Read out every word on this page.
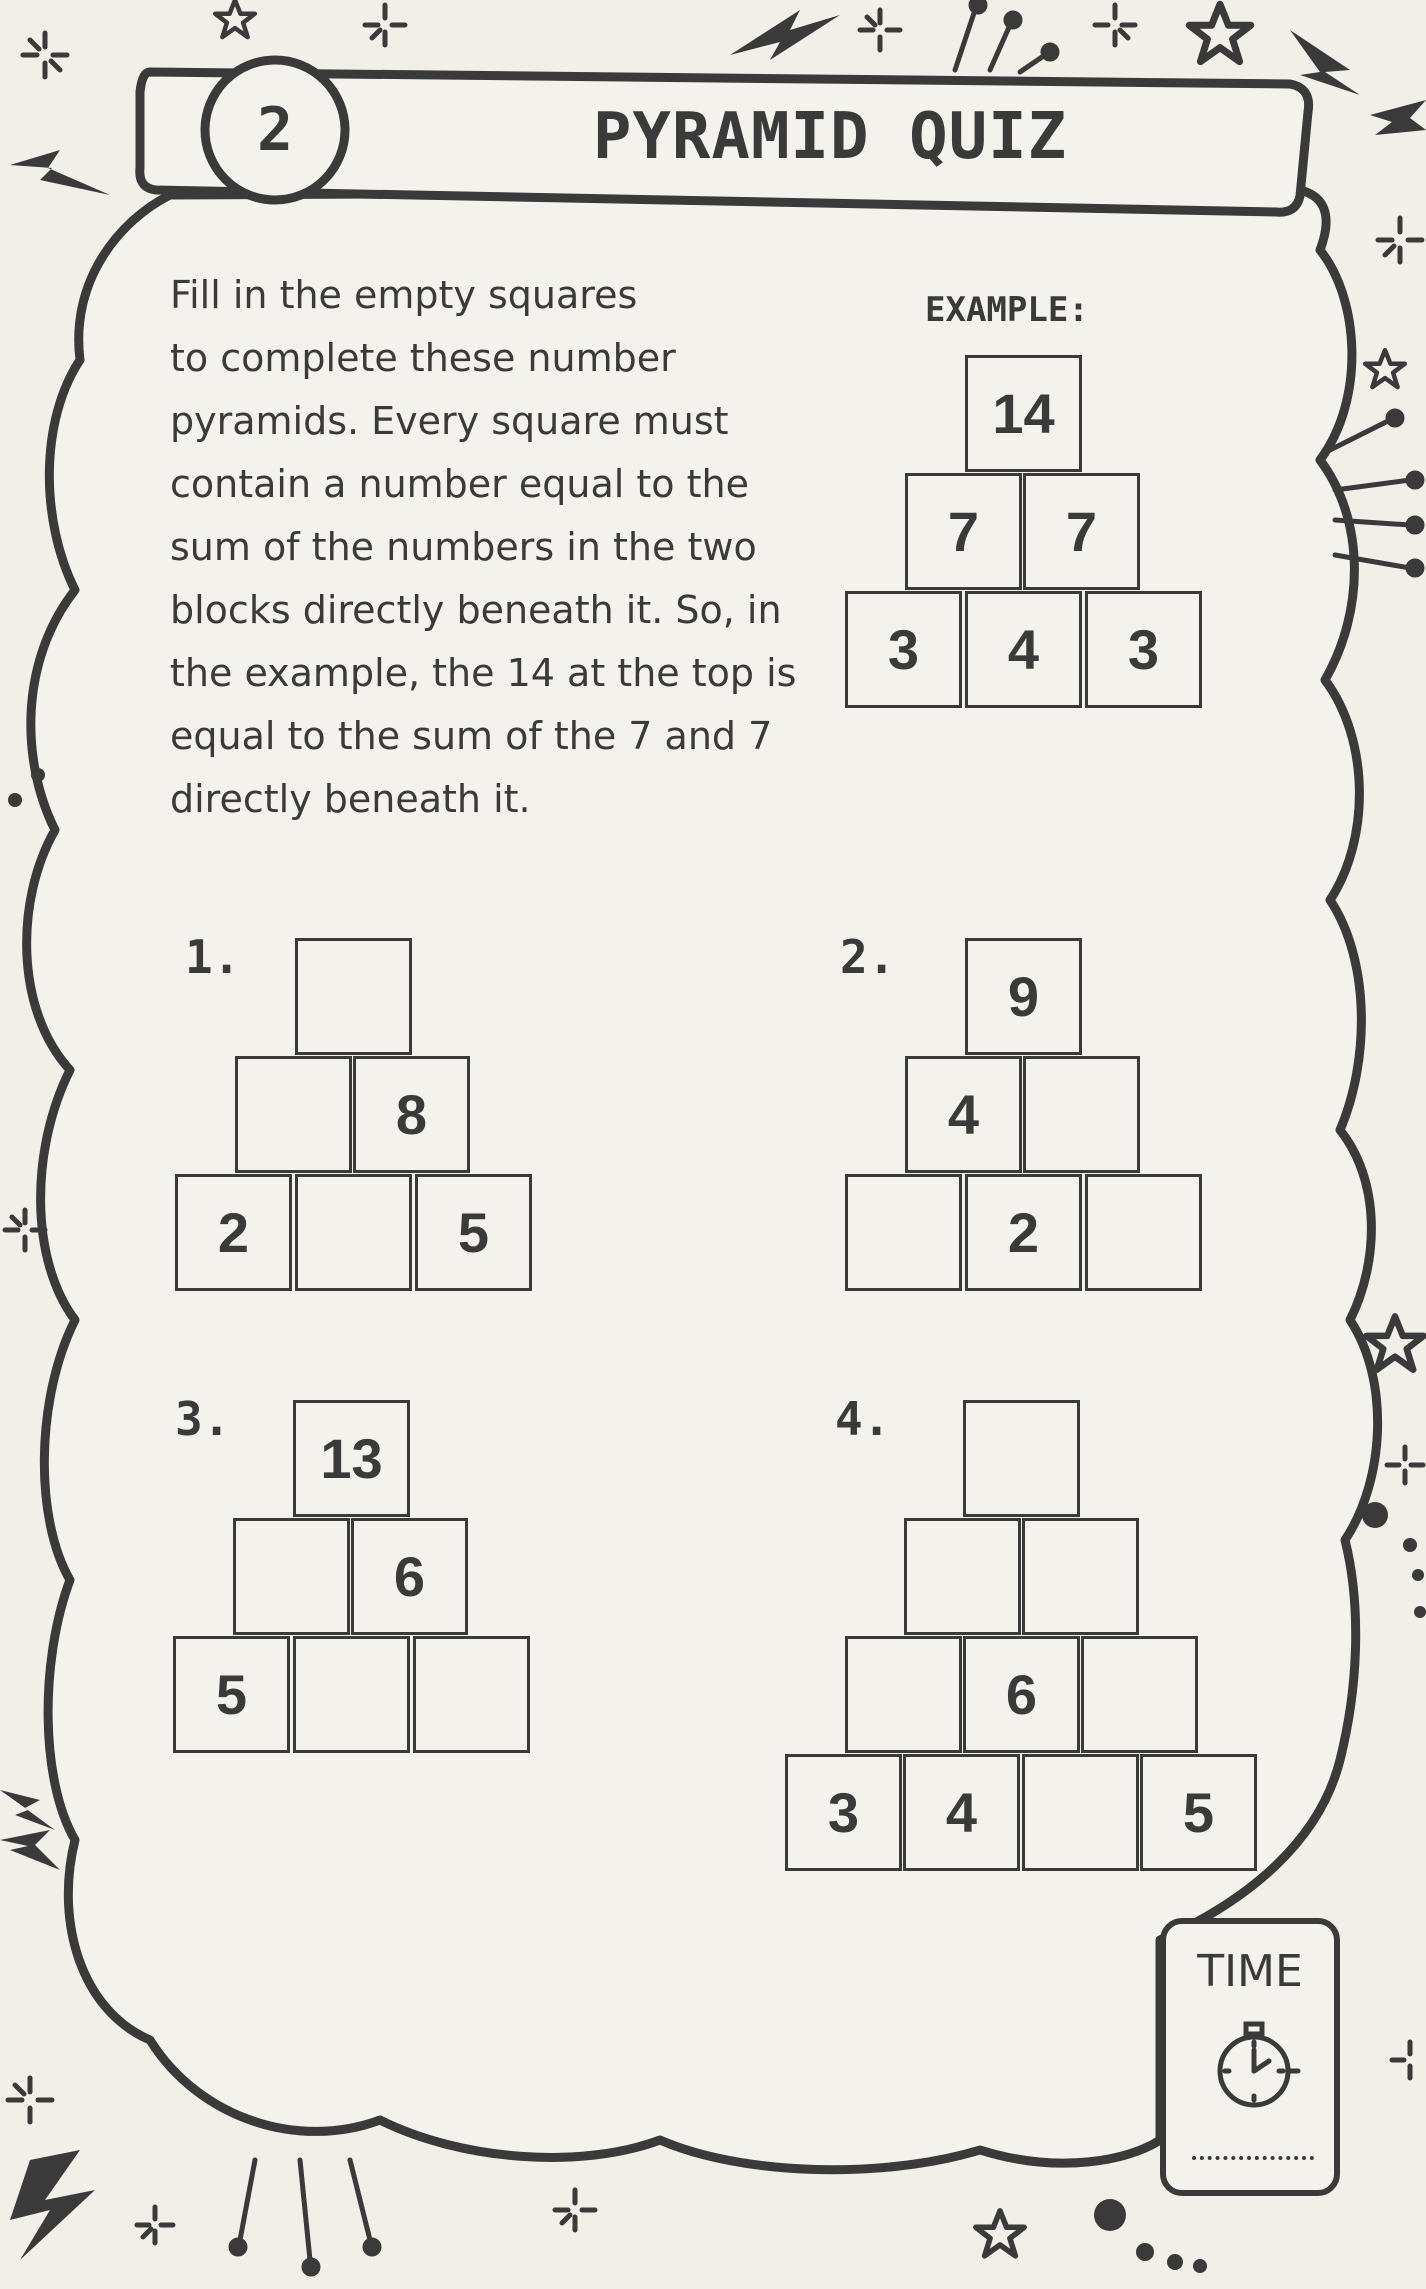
2	PYRAMID QUIZ
Fill in the empty squares
to complete these number
pyramids. Every square must
contain a number equal to the
sum of the numbers in the two
blocks directly beneath it. So, in
the example, the 14 at the top is
equal to the sum of the 7 and 7
directly beneath it.
EXAMPLE:
14
7	7
3	4	3
1.
8
2	5
2.
9
4
2
3.
13
6
5
4.
6
3	4	5
TIME
